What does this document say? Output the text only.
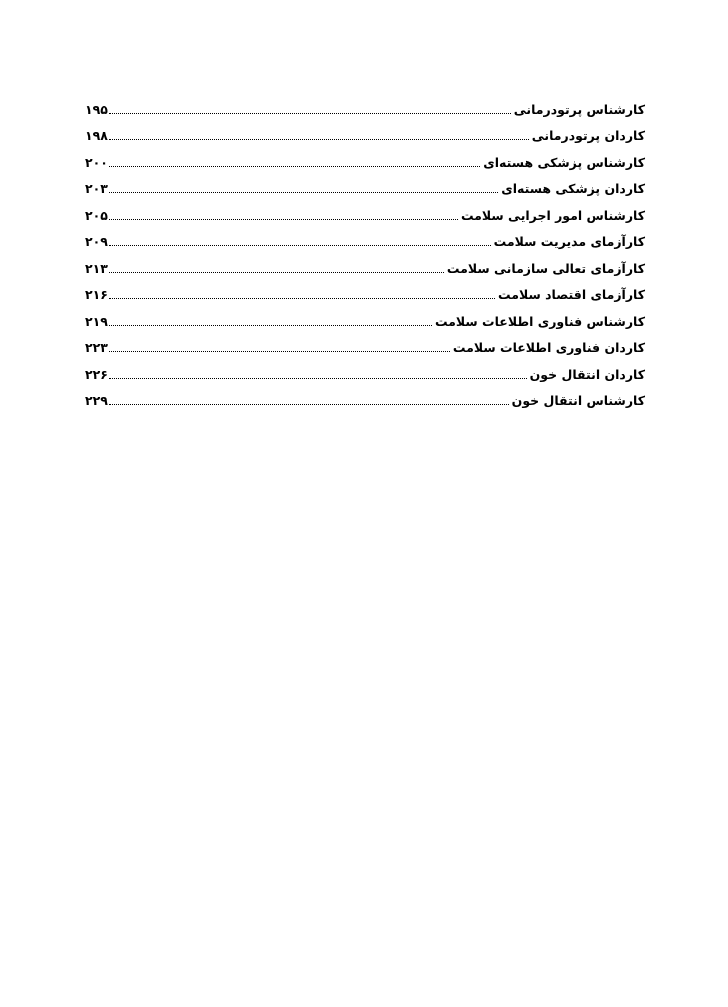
کارشناس پرتودرمانی
۱۹۵
کاردان پرتودرمانی
۱۹۸
کارشناس پزشکی هسته‌ای
۲۰۰
کاردان پزشکی هسته‌ای
۲۰۳
کارشناس امور اجرایی سلامت
۲۰۵
کارآزمای مدیریت سلامت
۲۰۹
کارآزمای تعالی سازمانی سلامت
۲۱۳
کارآزمای اقتصاد سلامت
۲۱۶
کارشناس فناوری اطلاعات سلامت
۲۱۹
کاردان فناوری اطلاعات سلامت
۲۲۳
کاردان انتقال خون
۲۲۶
کارشناس انتقال خون
۲۲۹
